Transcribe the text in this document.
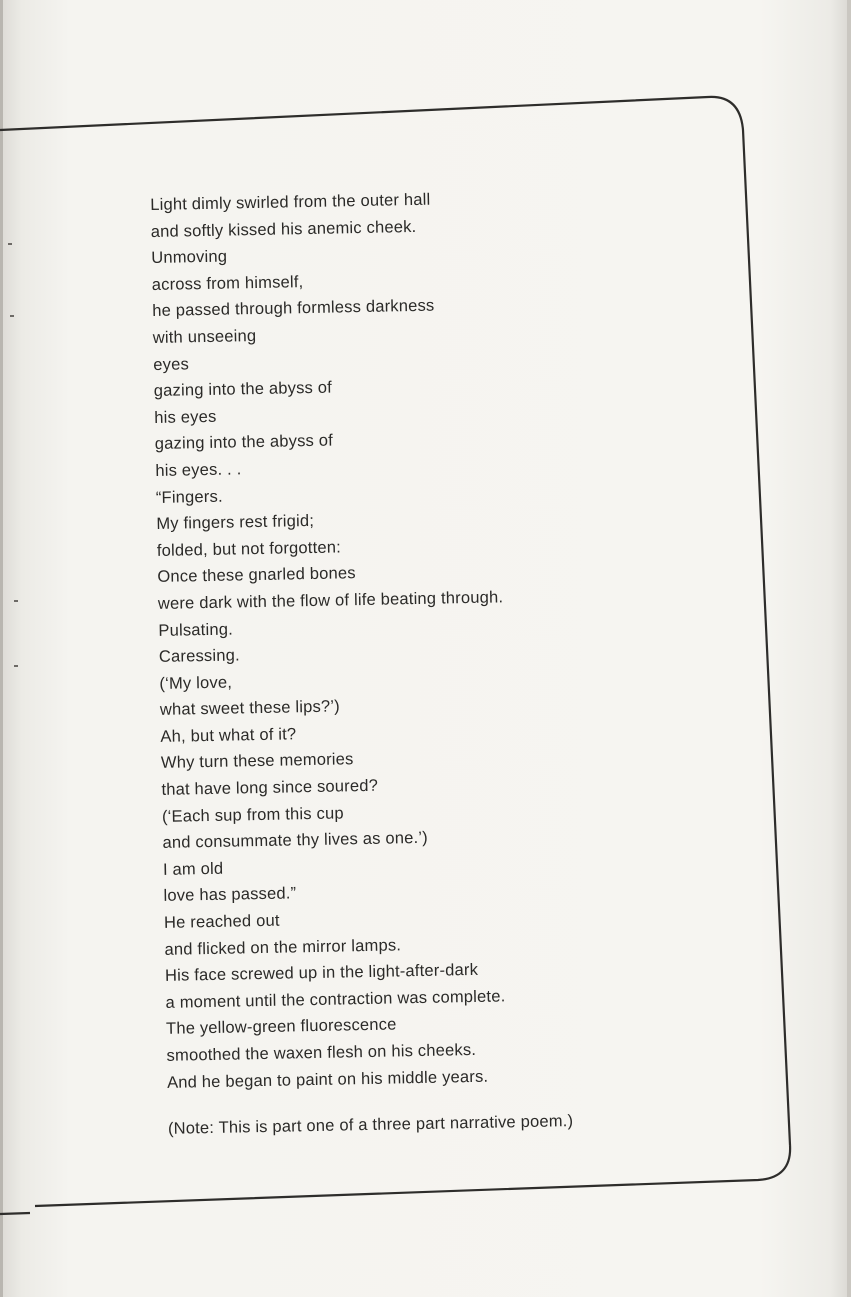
Light dimly swirled from the outer hall
and softly kissed his anemic cheek.
Unmoving
across from himself,
he passed through formless darkness
with unseeing
eyes
gazing into the abyss of
his eyes
gazing into the abyss of
his eyes. . .
“Fingers.
My fingers rest frigid;
folded, but not forgotten:
Once these gnarled bones
were dark with the flow of life beating through.
Pulsating.
Caressing.
(‘My love,
what sweet these lips?’)
Ah, but what of it?
Why turn these memories
that have long since soured?
(‘Each sup from this cup
and consummate thy lives as one.’)
I am old
love has passed.”
He reached out
and flicked on the mirror lamps.
His face screwed up in the light-after-dark
a moment until the contraction was complete.
The yellow-green fluorescence
smoothed the waxen flesh on his cheeks.
And he began to paint on his middle years.
(Note: This is part one of a three part narrative poem.)
